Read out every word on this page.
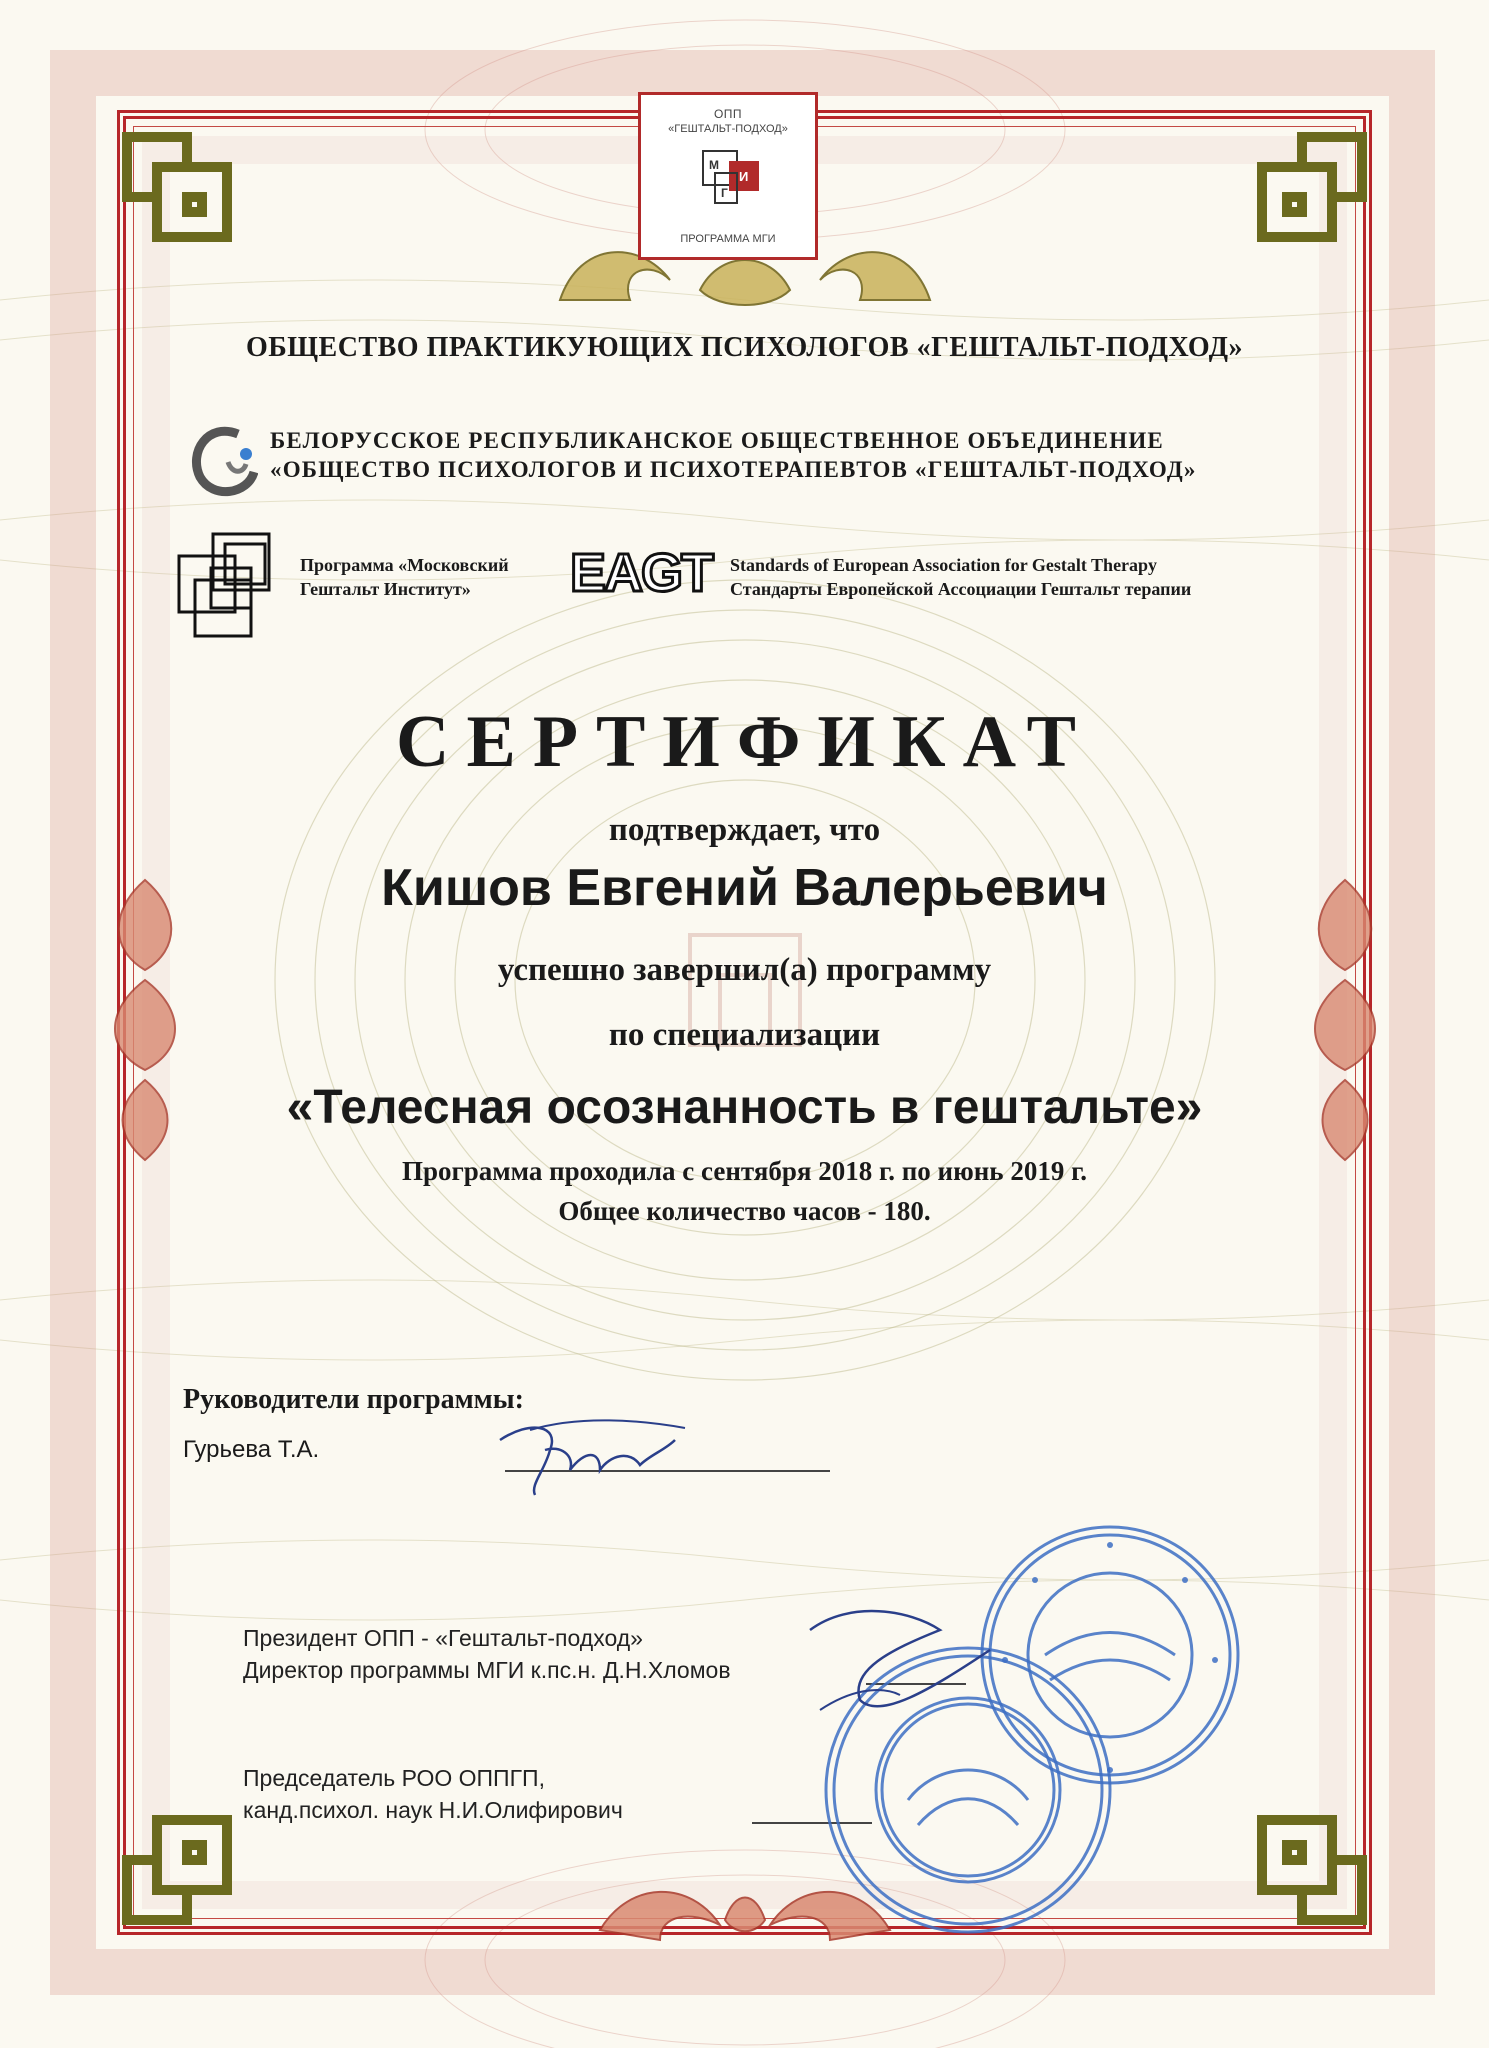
ОПП
«ГЕШТАЛЬТ-ПОДХОД»
М
Г
И
ПРОГРАММА МГИ
ОБЩЕСТВО ПРАКТИКУЮЩИХ ПСИХОЛОГОВ «ГЕШТАЛЬТ-ПОДХОД»
БЕЛОРУССКОЕ РЕСПУБЛИКАНСКОЕ ОБЩЕСТВЕННОЕ ОБЪЕДИНЕНИЕ
«ОБЩЕСТВО ПСИХОЛОГОВ И ПСИХОТЕРАПЕВТОВ «ГЕШТАЛЬТ-ПОДХОД»
Программа «Московский
Гештальт Институт»	EAGT Standards of European Association for Gestalt Therapy
Стандарты Европейской Ассоциации Гештальт терапии
СЕРТИФИКАТ
подтверждает, что
Кишов Евгений Валерьевич
успешно завершил(а) программу
по специализации
«Телесная осознанность в гештальте»
Программа проходила с сентября 2018 г. по июнь 2019 г.
Общее количество часов - 180.
Руководители программы:
Гурьева Т.А.
Президент ОПП - «Гештальт-подход»
Директор программы МГИ к.пс.н. Д.Н.Хломов
Председатель РОО ОППГП,
канд.психол. наук Н.И.Олифирович
